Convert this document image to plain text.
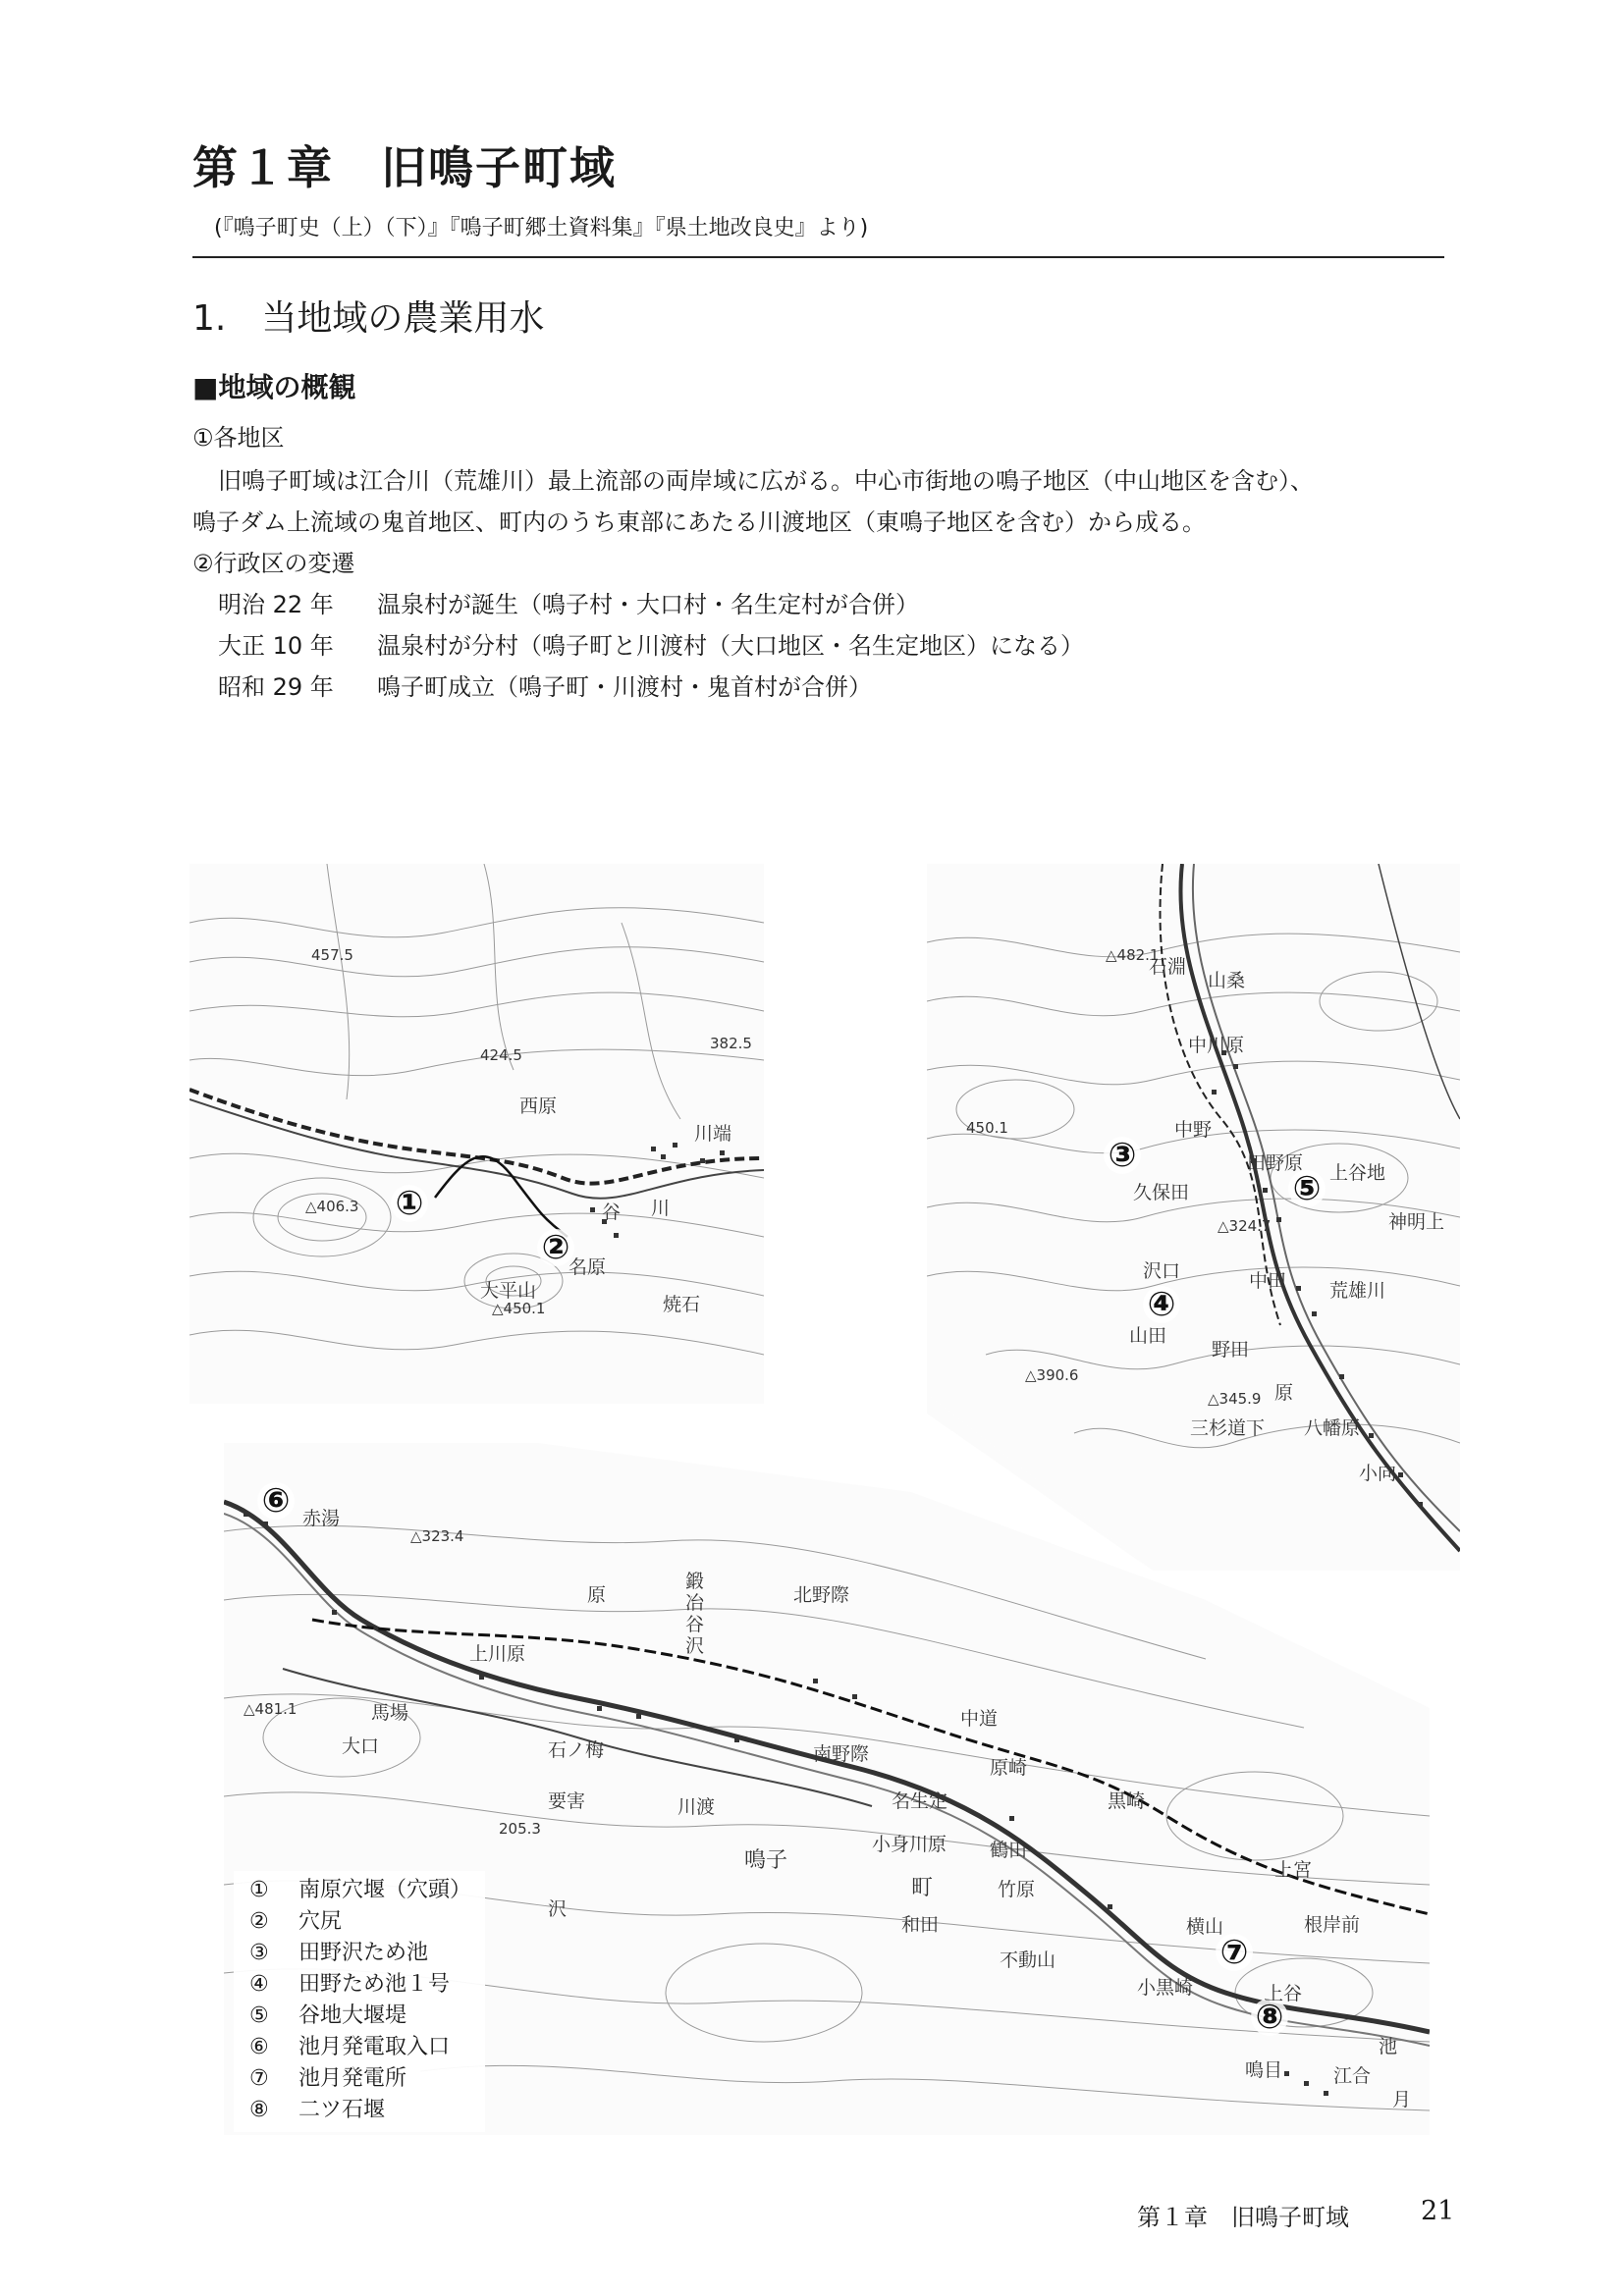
第１章　旧鳴子町域
(『鳴子町史（上）（下）』『鳴子町郷土資料集』『県土地改良史』より)
1.　当地域の農業用水
■地域の概観
①各地区
旧鳴子町域は江合川（荒雄川）最上流部の両岸域に広がる。中心市街地の鳴子地区（中山地区を含む）、
鳴子ダム上流域の鬼首地区、町内のうち東部にあたる川渡地区（東鳴子地区を含む）から成る。
②行政区の変遷
明治 22 年 温泉村が誕生（鳴子村・大口村・名生定村が合併）
大正 10 年 温泉村が分村（鳴子町と川渡村（大口地区・名生定地区）になる）
昭和 29 年 鳴子町成立（鳴子町・川渡村・鬼首村が合併）
①
②
西原
川端
谷 川
大平山
焼石
名原
△450.1
457.5
424.5
382.5
△406.3
③
④
⑤
石淵
山桑
中川原
中野
久保田
田野原 上谷地
神明上
沢口
山田
野田
中田 荒雄川
原
三杉道下 八幡原
小向
△345.9
450.1
△324.7
△482.1
△390.6
⑥
⑦
⑧
赤湯
大口
北野際
鍛冶谷沢
上川原
馬場
石ノ梅	南野際
中道
原崎
名生定	黒崎
小身川原 鶴田
竹原
和田
不動山
鳴子
町
川渡
上宮
根岸前
横山
小黒崎	上谷
鳴目
池
江合
月
要害
原
沢
△323.4
△481.1
205.3
① 南原穴堰（穴頭）
② 穴尻
③ 田野沢ため池
④ 田野ため池１号
⑤ 谷地大堰堤
⑥ 池月発電取入口
⑦ 池月発電所
⑧ 二ツ石堰
第１章　旧鳴子町域	21
